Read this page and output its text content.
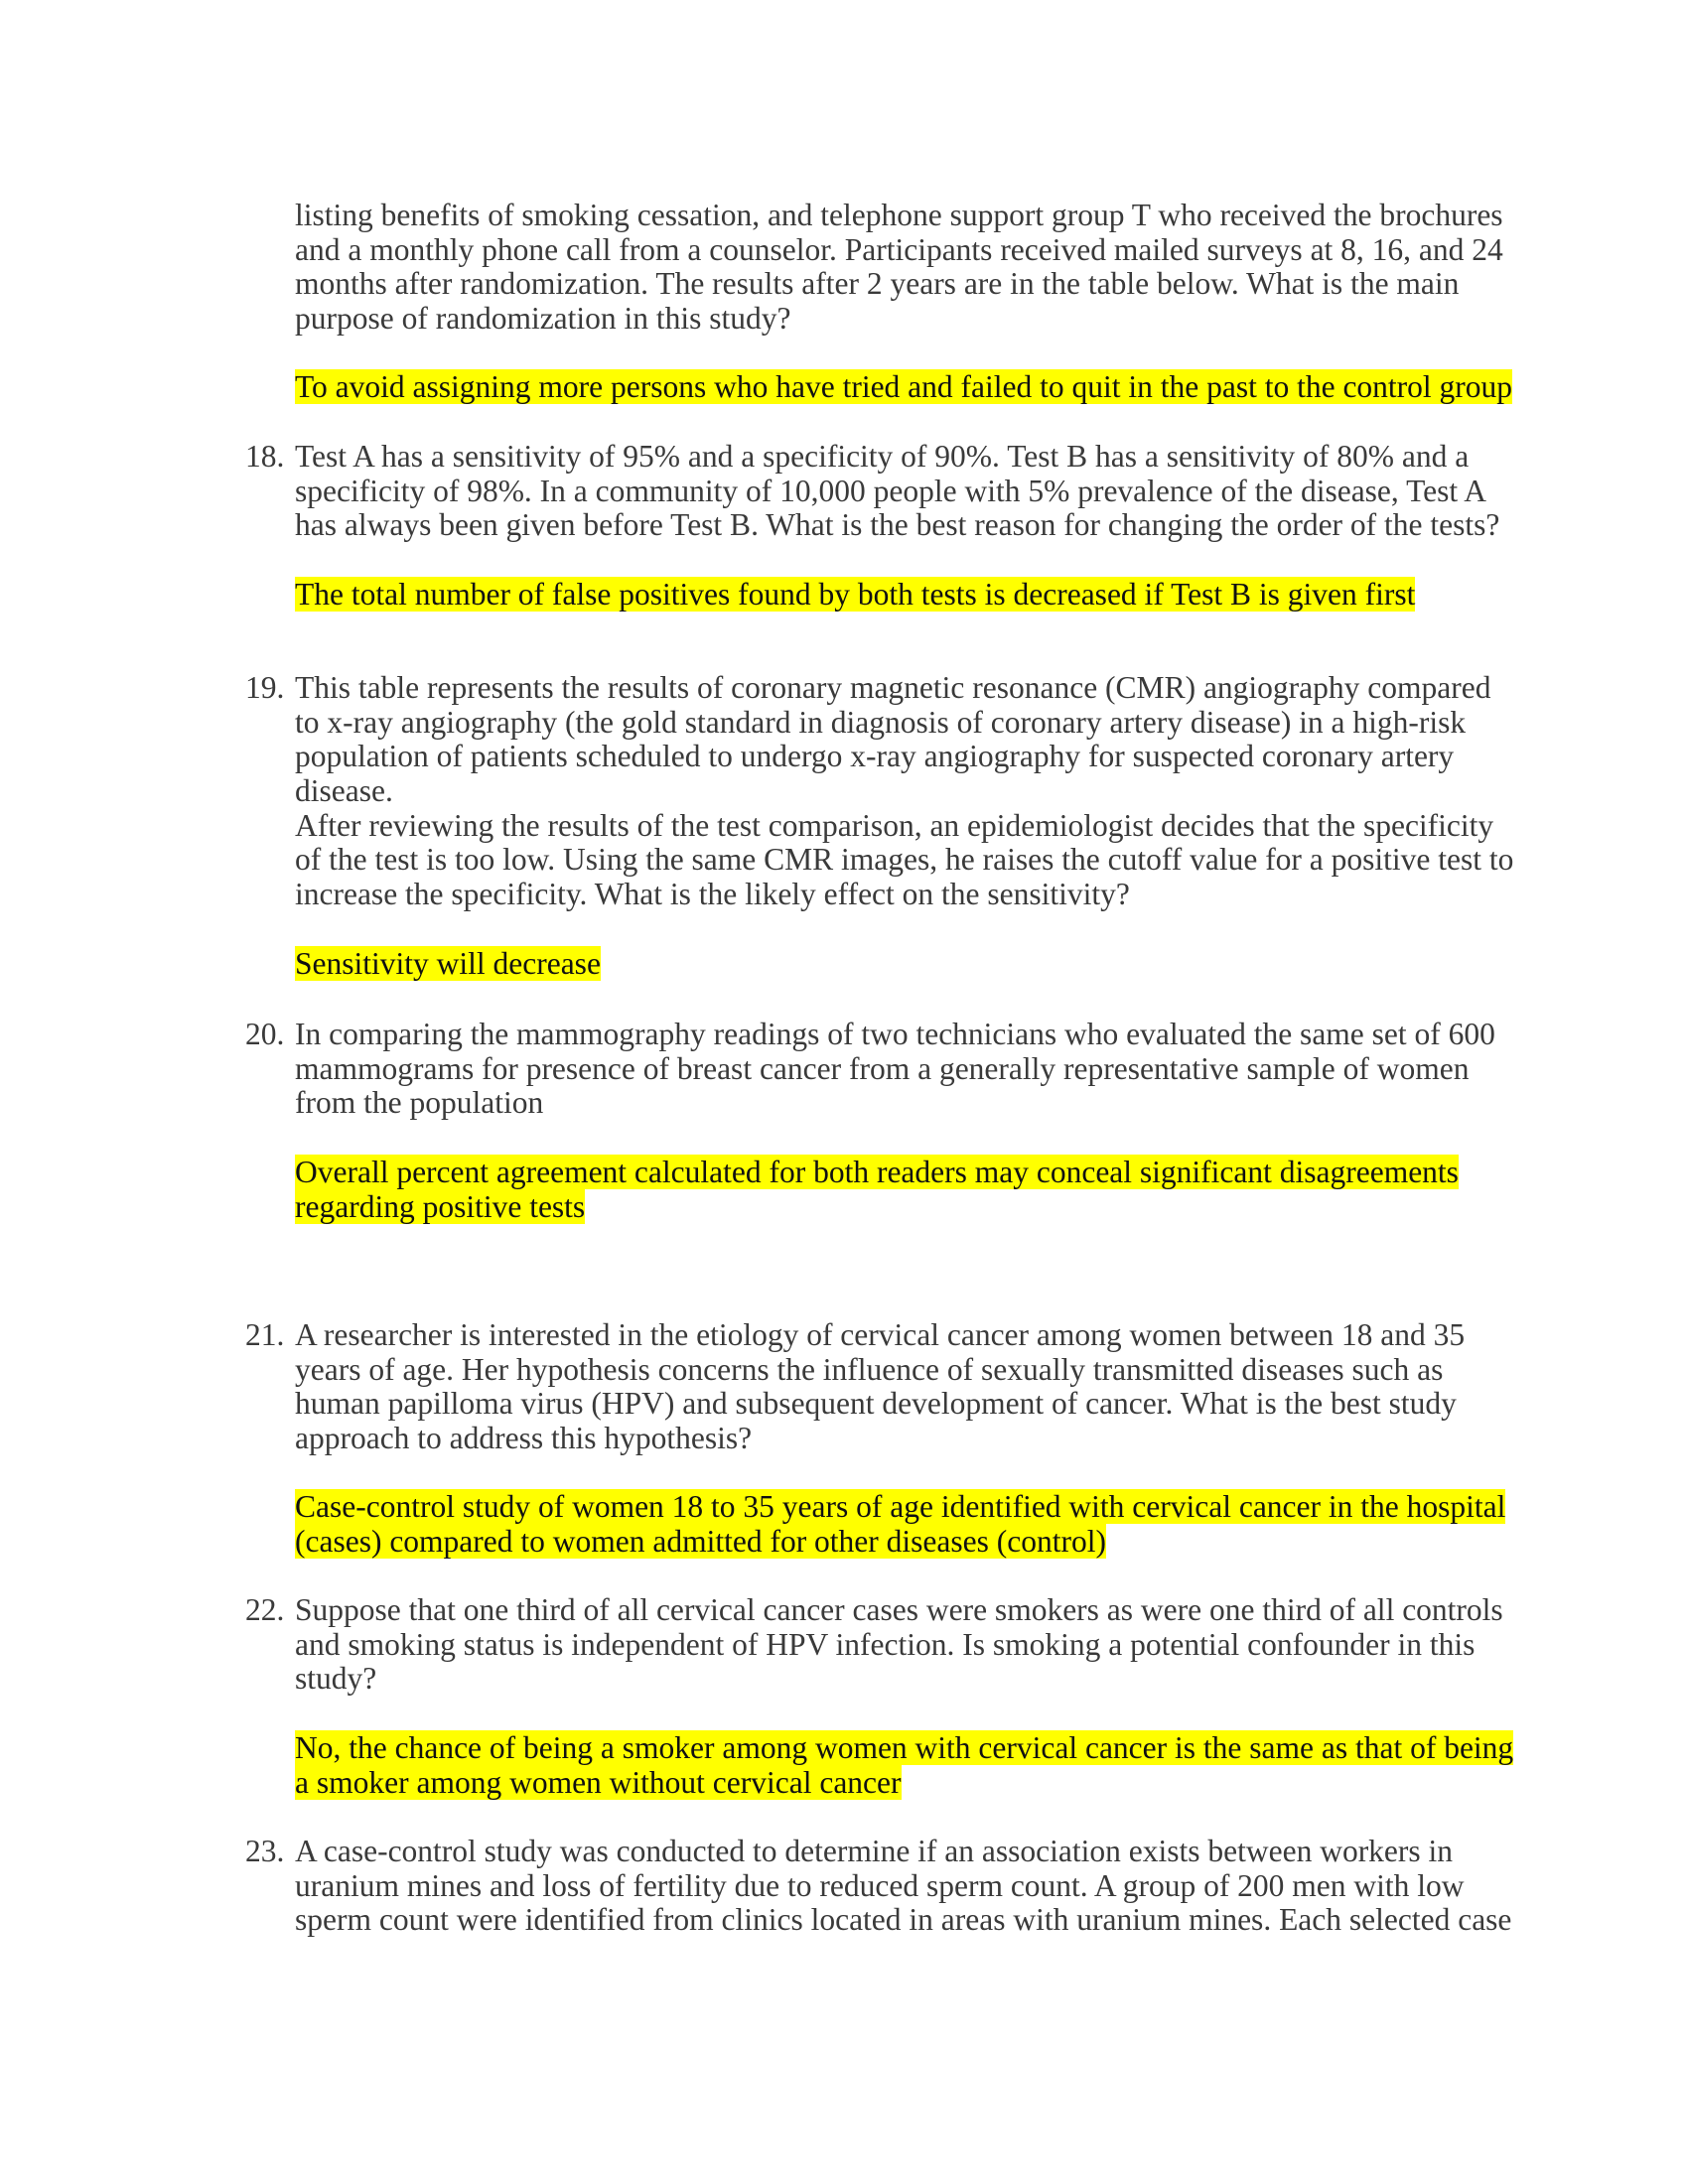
listing benefits of smoking cessation, and telephone support group T who received the brochures
and a monthly phone call from a counselor. Participants received mailed surveys at 8, 16, and 24
months after randomization. The results after 2 years are in the table below. What is the main
purpose of randomization in this study?
To avoid assigning more persons who have tried and failed to quit in the past to the control group
18. Test A has a sensitivity of 95% and a specificity of 90%. Test B has a sensitivity of 80% and a
specificity of 98%. In a community of 10,000 people with 5% prevalence of the disease, Test A
has always been given before Test B. What is the best reason for changing the order of the tests?
The total number of false positives found by both tests is decreased if Test B is given first
19. This table represents the results of coronary magnetic resonance (CMR) angiography compared
to x-ray angiography (the gold standard in diagnosis of coronary artery disease) in a high-risk
population of patients scheduled to undergo x-ray angiography for suspected coronary artery
disease.
After reviewing the results of the test comparison, an epidemiologist decides that the specificity
of the test is too low. Using the same CMR images, he raises the cutoff value for a positive test to
increase the specificity. What is the likely effect on the sensitivity?
Sensitivity will decrease
20. In comparing the mammography readings of two technicians who evaluated the same set of 600
mammograms for presence of breast cancer from a generally representative sample of women
from the population
Overall percent agreement calculated for both readers may conceal significant disagreements
regarding positive tests
21. A researcher is interested in the etiology of cervical cancer among women between 18 and 35
years of age. Her hypothesis concerns the influence of sexually transmitted diseases such as
human papilloma virus (HPV) and subsequent development of cancer. What is the best study
approach to address this hypothesis?
Case-control study of women 18 to 35 years of age identified with cervical cancer in the hospital
(cases) compared to women admitted for other diseases (control)
22. Suppose that one third of all cervical cancer cases were smokers as were one third of all controls
and smoking status is independent of HPV infection. Is smoking a potential confounder in this
study?
No, the chance of being a smoker among women with cervical cancer is the same as that of being
a smoker among women without cervical cancer
23. A case-control study was conducted to determine if an association exists between workers in
uranium mines and loss of fertility due to reduced sperm count. A group of 200 men with low
sperm count were identified from clinics located in areas with uranium mines. Each selected case
